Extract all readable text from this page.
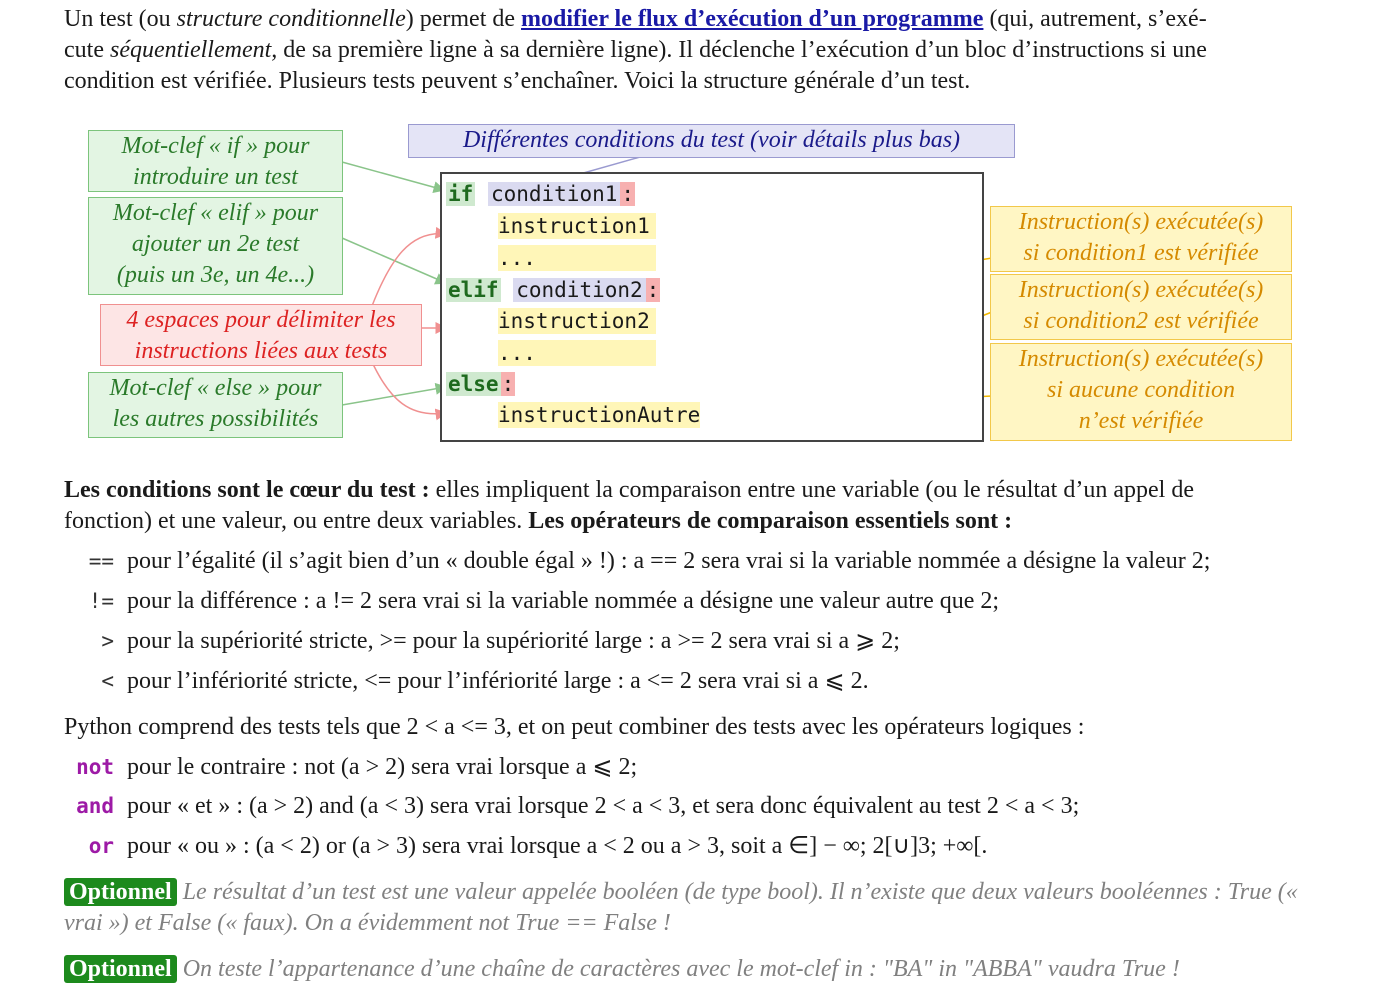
Un test (ou structure conditionnelle) permet de modifier le flux d’exécution d’un programme (qui, autrement, s’exé-
cute séquentiellement, de sa première ligne à sa dernière ligne). Il déclenche l’exécution d’un bloc d’instructions si une
condition est vérifiée. Plusieurs tests peuvent s’enchaîner. Voici la structure générale d’un test.
Mot-clef « if » pour
introduire un test
Mot-clef « elif » pour
ajouter un 2e test
(puis un 3e, un 4e...)
4 espaces pour délimiter les
instructions liées aux tests
Mot-clef « else » pour
les autres possibilités
Différentes conditions du test (voir détails plus bas)
Instruction(s) exécutée(s)
si condition1 est vérifiée
Instruction(s) exécutée(s)
si condition2 est vérifiée
Instruction(s) exécutée(s)
si aucune condition
n’est vérifiée
if condition1 :
instruction1
...
elif condition2 :
instruction2
...
else :
instructionAutre
Les conditions sont le cœur du test : elles impliquent la comparaison entre une variable (ou le résultat d’un appel de
fonction) et une valeur, ou entre deux variables. Les opérateurs de comparaison essentiels sont :
== pour l’égalité (il s’agit bien d’un « double égal » !) : a == 2 sera vrai si la variable nommée a désigne la valeur 2;
!= pour la différence : a != 2 sera vrai si la variable nommée a désigne une valeur autre que 2;
> pour la supériorité stricte, >= pour la supériorité large : a >= 2 sera vrai si a ⩾ 2;
< pour l’infériorité stricte, <= pour l’infériorité large : a <= 2 sera vrai si a ⩽ 2.
Python comprend des tests tels que 2 < a <= 3, et on peut combiner des tests avec les opérateurs logiques :
not pour le contraire : not (a > 2) sera vrai lorsque a ⩽ 2;
and pour « et » : (a > 2) and (a < 3) sera vrai lorsque 2 < a < 3, et sera donc équivalent au test 2 < a < 3;
or pour « ou » : (a < 2) or (a > 3) sera vrai lorsque a < 2 ou a > 3, soit a ∈] − ∞; 2[∪]3; +∞[.
Optionnel Le résultat d’un test est une valeur appelée booléen (de type bool). Il n’existe que deux valeurs booléennes : True (« vrai ») et False (« faux). On a évidemment not True == False !
Optionnel On teste l’appartenance d’une chaîne de caractères avec le mot-clef in : "BA" in "ABBA" vaudra True !
